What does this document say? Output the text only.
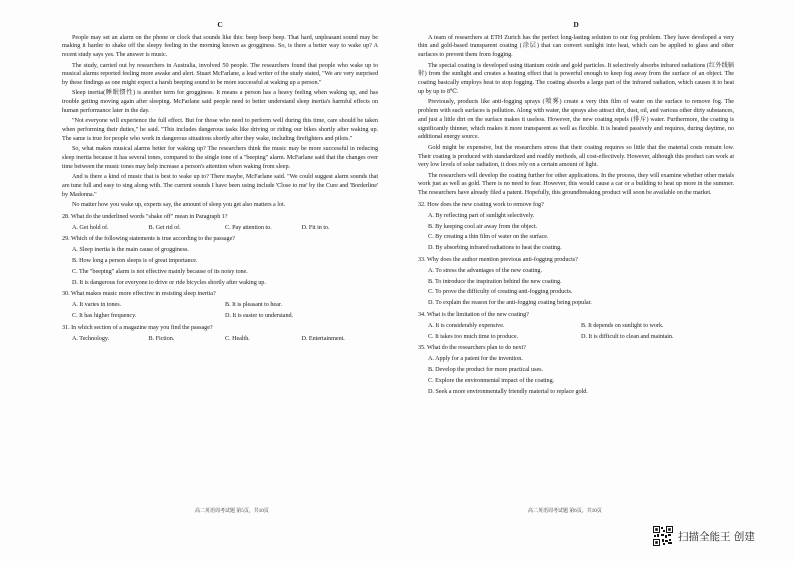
C

People may set an alarm on the phone or clock that sounds like this: beep beep beep. That hard, unpleasant sound may be making it harder to shake off the sleepy feeling in the morning known as grogginess. So, is there a better way to wake up? A recent study says yes. The answer is music.

The study, carried out by researchers in Australia, involved 50 people. The researchers found that people who wake up to musical alarms reported feeling more awake and alert. Stuart McFarlane, a lead writer of the study stated, "We are very surprised by these findings as one might expect a harsh beeping sound to be more successful at waking up a person."

Sleep inertia(睡眠惯性) is another term for grogginess. It means a person has a heavy feeling when waking up, and has trouble getting moving again after sleeping. McFarlane said people need to better understand sleep inertia's harmful effects on human performance later in the day.

"Not everyone will experience the full effect. But for those who need to perform well during this time, care should be taken when performing their duties," he said. "This includes dangerous tasks like driving or riding our bikes shortly after waking up. The same is true for people who work in dangerous situations shortly after they wake, including firefighters and pilots."

So, what makes musical alarms better for waking up? The researchers think the music may be more successful in reducing sleep inertia because it has several tones, compared to the single tone of a "beeping" alarm. McFarlane said that the changes over time between the music tones may help increase a person's attention when waking from sleep.

And is there a kind of music that is best to wake up to? There maybe, McFarlane said. "We could suggest alarm sounds that are tune full and easy to sing along with. The current sounds I have been using include 'Close to me' by the Cure and 'Borderline' by Madonna."

No matter how you wake up, experts say, the amount of sleep you get also matters a lot.

28. What do the underlined words "shake off" mean in Paragraph 1?
A. Get hold of.	B. Get rid of.	C. Pay attention to.	D. Fit in to.
29. Which of the following statements is true according to the passage?
A. Sleep inertia is the main cause of grogginess.
B. How long a person sleeps is of great importance.
C. The "beeping" alarm is not effective mainly because of its noisy tone.
D. It is dangerous for everyone to drive or ride bicycles shortly after waking up.
30. What makes music more effective in resisting sleep inertia?
A. It varies in tones.	B. It is pleasant to hear.
C. It has higher frequency.	D. It is easier to understand.
31. In which section of a magazine may you find the passage?
A. Technology.	B. Fiction.	C. Health.	D. Entertainment.
D

A team of researchers at ETH Zurich has the perfect long-lasting solution to our fog problem. They have developed a very thin and gold-based transparent coating (涂层) that can convert sunlight into heat, which can be applied to glass and other surfaces to prevent them from fogging.

The special coating is developed using titanium oxide and gold particles. It selectively absorbs infrared radiations (红外线辐射) from the sunlight and creates a heating effect that is powerful enough to keep fog away from the surface of an object. The coating basically employs heat to stop fogging. The coating absorbs a large part of the infrared radiation, which causes it to heat up by up to 8℃.

Previously, products like anti-fogging sprays (喷雾) create a very thin film of water on the surface to remove fog. The problem with such surfaces is pollution. Along with water, the sprays also attract dirt, dust, oil, and various other dirty substances, and just a little dirt on the surface makes it useless. However, the new coating repels (排斥) water. Furthermore, the coating is significantly thinner, which makes it more transparent as well as flexible. It is heated passively and requires, during daytime, no additional energy source.

Gold might be expensive, but the researchers stress that their coating requires so little that the material costs remain low. Their coating is produced with standardized and readily methods, all cost-effectively. However, although this product can work at very low levels of solar radiation, it does rely on a certain amount of light.

The researchers will develop the coating further for other applications. In the process, they will examine whether other metals work just as well as gold. There is no need to fear. However, this would cause a car or a building to heat up more in the summer. The researchers have already filed a patent. Hopefully, this groundbreaking product will soon be available on the market.

32. How does the new coating work to remove fog?
A. By reflecting part of sunlight selectively.
B. By keeping cool air away from the object.
C. By creating a thin film of water on the surface.
D. By absorbing infrared radiations to heat the coating.
33. Why does the author mention previous anti-fogging products?
A. To stress the advantages of the new coating.
B. To introduce the inspiration behind the new coating.
C. To prove the difficulty of creating anti-fogging products.
D. To explain the reason for the anti-fogging coating being popular.
34. What is the limitation of the new coating?
A. It is considerably expensive.	B. It depends on sunlight to work.
C. It takes too much time to produce.	D. It is difficult to clean and maintain.
35. What do the researchers plan to do next?
A. Apply for a patent for the invention.
B. Develop the product for more practical uses.
C. Explore the environmental impact of the coating.
D. Seek a more environmentally friendly material to replace gold.
高二英语周考试题 第5页，共10页	高二英语周考试题 第6页，共10页
扫描全能王 创建
